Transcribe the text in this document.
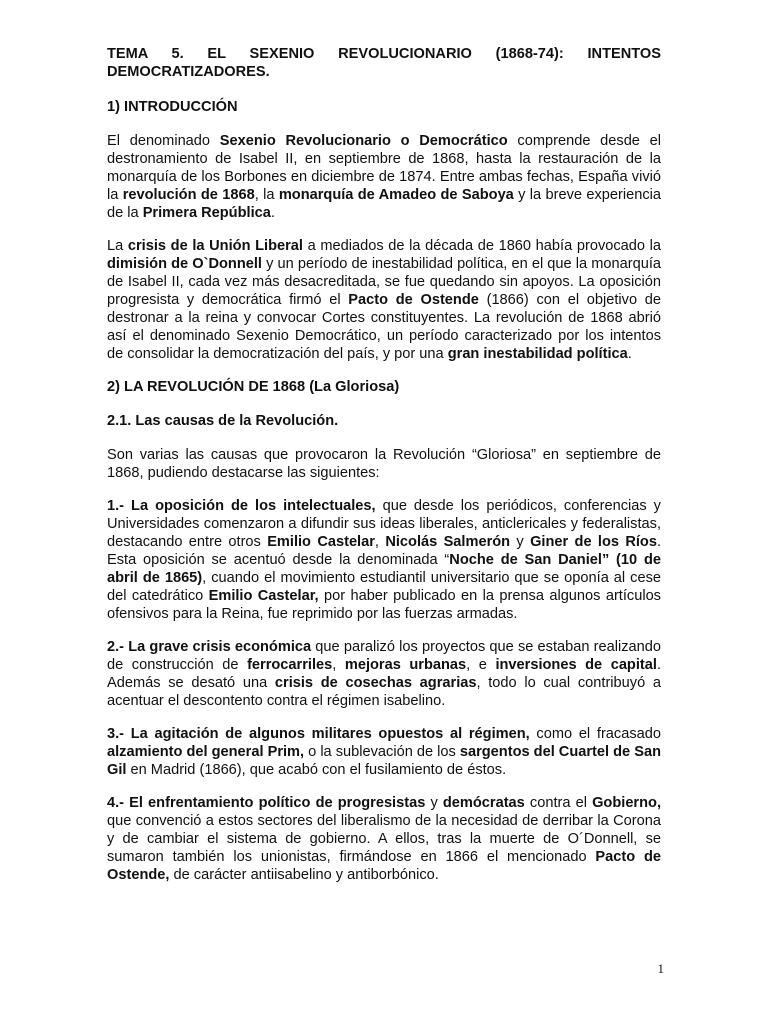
TEMA 5. EL SEXENIO REVOLUCIONARIO (1868-74): INTENTOS DEMOCRATIZADORES.

1) INTRODUCCIÓN

El denominado Sexenio Revolucionario o Democrático comprende desde el destronamiento de Isabel II, en septiembre de 1868, hasta la restauración de la monarquía de los Borbones en diciembre de 1874. Entre ambas fechas, España vivió la revolución de 1868, la monarquía de Amadeo de Saboya y la breve experiencia de la Primera República.

La crisis de la Unión Liberal a mediados de la década de 1860 había provocado la dimisión de O`Donnell y un período de inestabilidad política, en el que la monarquía de Isabel II, cada vez más desacreditada, se fue quedando sin apoyos. La oposición progresista y democrática firmó el Pacto de Ostende (1866) con el objetivo de destronar a la reina y convocar Cortes constituyentes. La revolución de 1868 abrió así el denominado Sexenio Democrático, un período caracterizado por los intentos de consolidar la democratización del país, y por una gran inestabilidad política.

2) LA REVOLUCIÓN DE 1868 (La Gloriosa)

2.1. Las causas de la Revolución.

Son varias las causas que provocaron la Revolución “Gloriosa” en septiembre de 1868, pudiendo destacarse las siguientes:

1.- La oposición de los intelectuales, que desde los periódicos, conferencias y Universidades comenzaron a difundir sus ideas liberales, anticlericales y federalistas, destacando entre otros Emilio Castelar, Nicolás Salmerón y Giner de los Ríos. Esta oposición se acentuó desde la denominada “Noche de San Daniel” (10 de abril de 1865), cuando el movimiento estudiantil universitario que se oponía al cese del catedrático Emilio Castelar, por haber publicado en la prensa algunos artículos ofensivos para la Reina, fue reprimido por las fuerzas armadas.

2.- La grave crisis económica que paralizó los proyectos que se estaban realizando de construcción de ferrocarriles, mejoras urbanas, e inversiones de capital. Además se desató una crisis de cosechas agrarias, todo lo cual contribuyó a acentuar el descontento contra el régimen isabelino.

3.- La agitación de algunos militares opuestos al régimen, como el fracasado alzamiento del general Prim, o la sublevación de los sargentos del Cuartel de San Gil en Madrid (1866), que acabó con el fusilamiento de éstos.

4.- El enfrentamiento político de progresistas y demócratas contra el Gobierno, que convenció a estos sectores del liberalismo de la necesidad de derribar la Corona y de cambiar el sistema de gobierno. A ellos, tras la muerte de O´Donnell, se sumaron también los unionistas, firmándose en 1866 el mencionado Pacto de Ostende, de carácter antiisabelino y antiborbónico.

1
